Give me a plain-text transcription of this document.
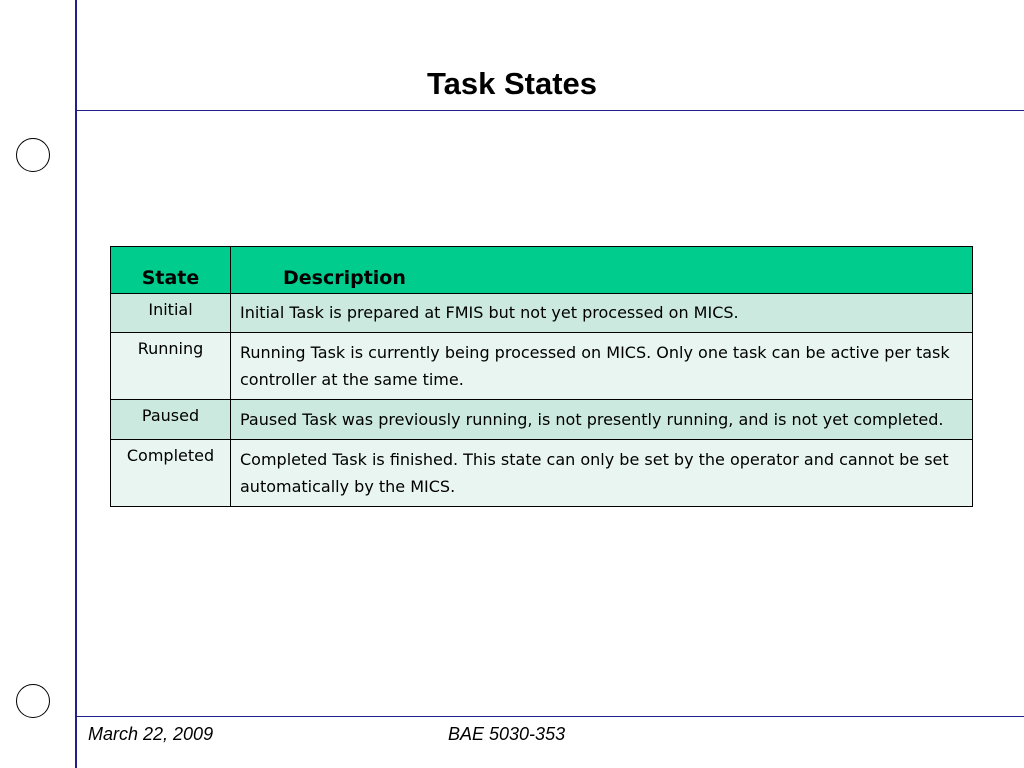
Task States
State	Description
Initial	Initial Task is prepared at FMIS but not yet processed on MICS.
Running	Running Task is currently being processed on MICS. Only one task can be active per task controller at the same time.
Paused	Paused Task was previously running, is not presently running, and is not yet completed.
Completed	Completed Task is finished. This state can only be set by the operator and cannot be set automatically by the MICS.
March 22, 2009	BAE 5030-353
